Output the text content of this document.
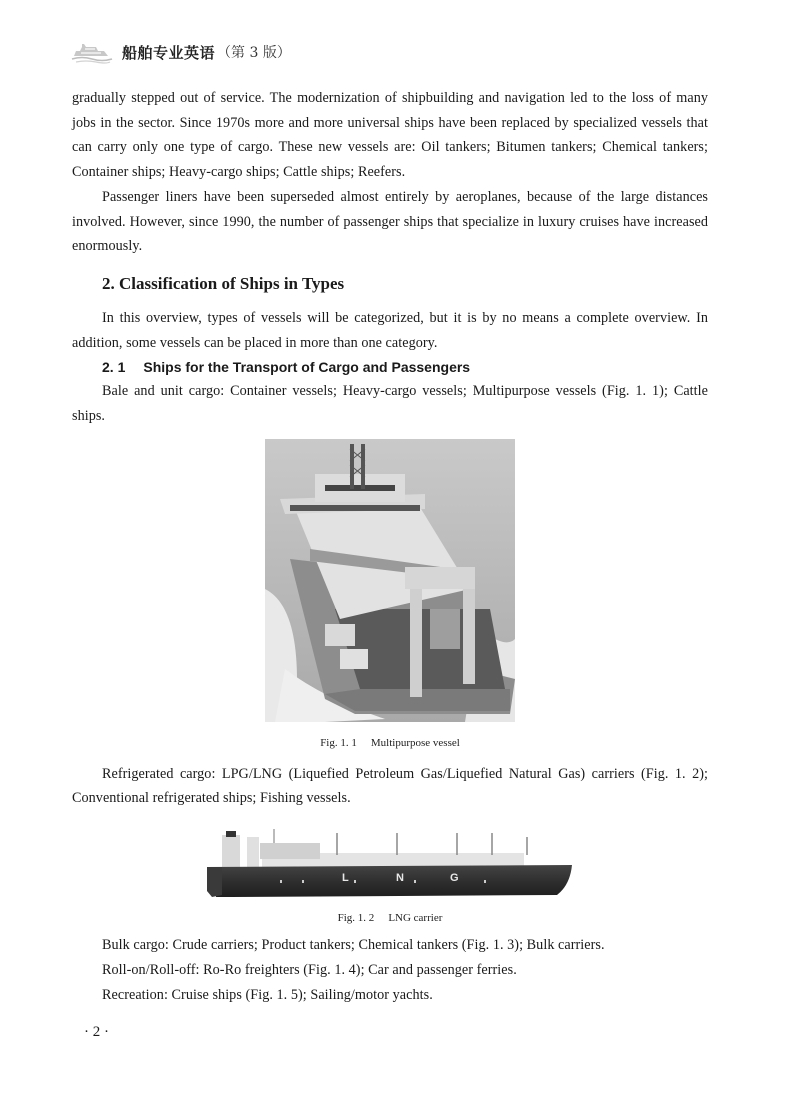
船舶专业英语 （第 3 版）

gradually stepped out of service. The modernization of shipbuilding and navigation led to the loss of many jobs in the sector. Since 1970s more and more universal ships have been replaced by specialized vessels that can carry only one type of cargo. These new vessels are: Oil tankers; Bitumen tankers; Chemical tankers; Container ships; Heavy-cargo ships; Cattle ships; Reefers.

Passenger liners have been superseded almost entirely by aeroplanes, because of the large distances involved. However, since 1990, the number of passenger ships that specialize in luxury cruises have increased enormously.

2. Classification of Ships in Types

In this overview, types of vessels will be categorized, but it is by no means a complete overview. In addition, some vessels can be placed in more than one category.

2. 1 Ships for the Transport of Cargo and Passengers

Bale and unit cargo: Container vessels; Heavy-cargo vessels; Multipurpose vessels (Fig. 1. 1); Cattle ships.

Fig. 1. 1 Multipurpose vessel

Refrigerated cargo: LPG/LNG (Liquefied Petroleum Gas/Liquefied Natural Gas) carriers (Fig. 1. 2); Conventional refrigerated ships; Fishing vessels.

L	N	G
Fig. 1. 2 LNG carrier

Bulk cargo: Crude carriers; Product tankers; Chemical tankers (Fig. 1. 3); Bulk carriers.

Roll-on/Roll-off: Ro-Ro freighters (Fig. 1. 4); Car and passenger ferries.

Recreation: Cruise ships (Fig. 1. 5); Sailing/motor yachts.

· 2 ·
